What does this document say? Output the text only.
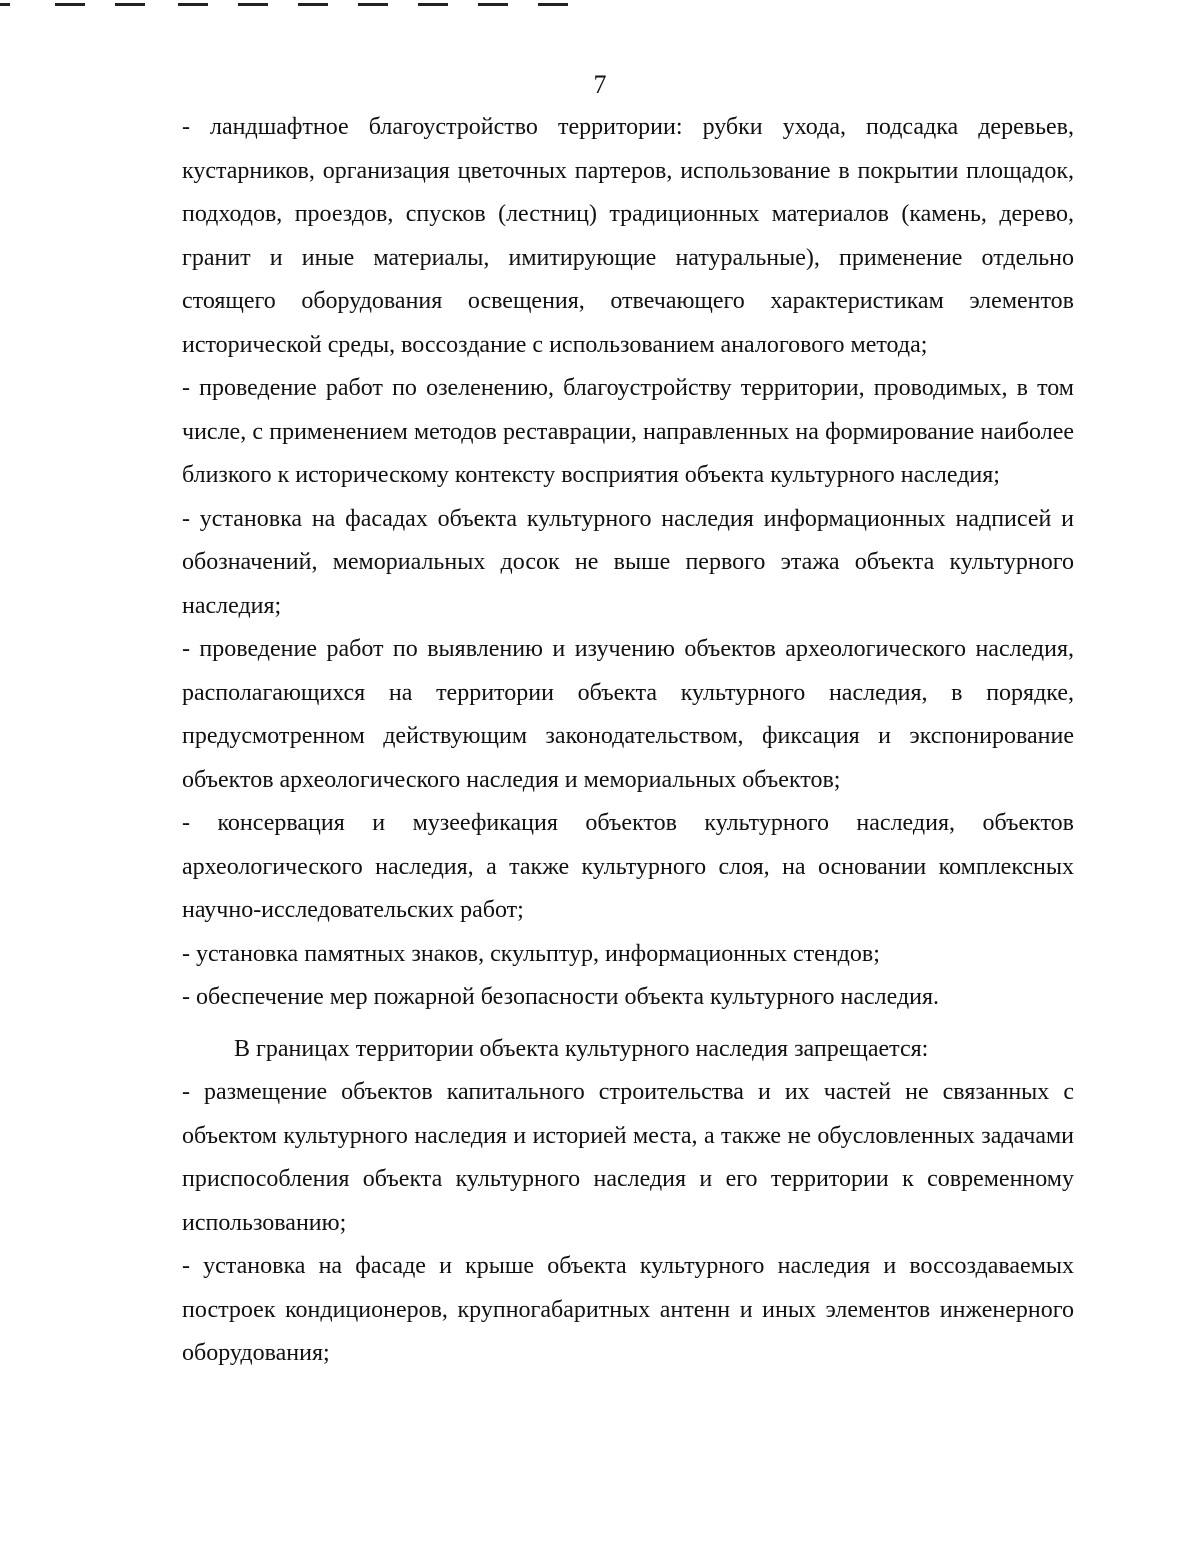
7

- ландшафтное благоустройство территории: рубки ухода, подсадка деревьев, кустарников, организация цветочных партеров, использование в покрытии площадок, подходов, проездов, спусков (лестниц) традиционных материалов (камень, дерево, гранит и иные материалы, имитирующие натуральные), применение отдельно стоящего оборудования освещения, отвечающего характеристикам элементов исторической среды, воссоздание с использованием аналогового метода;

- проведение работ по озеленению, благоустройству территории, проводимых, в том числе, с применением методов реставрации, направленных на формирование наиболее близкого к историческому контексту восприятия объекта культурного наследия;

- установка на фасадах объекта культурного наследия информационных надписей и обозначений, мемориальных досок не выше первого этажа объекта культурного наследия;

- проведение работ по выявлению и изучению объектов археологического наследия, располагающихся на территории объекта культурного наследия, в порядке, предусмотренном действующим законодательством, фиксация и экспонирование объектов археологического наследия и мемориальных объектов;

- консервация и музеефикация объектов культурного наследия, объектов археологического наследия, а также культурного слоя, на основании комплексных научно-исследовательских работ;

- установка памятных знаков, скульптур, информационных стендов;

- обеспечение мер пожарной безопасности объекта культурного наследия.

В границах территории объекта культурного наследия запрещается:

- размещение объектов капитального строительства и их частей не связанных с объектом культурного наследия и историей места, а также не обусловленных задачами приспособления объекта культурного наследия и его территории к современному использованию;

- установка на фасаде и крыше объекта культурного наследия и воссоздаваемых построек кондиционеров, крупногабаритных антенн и иных элементов инженерного оборудования;
